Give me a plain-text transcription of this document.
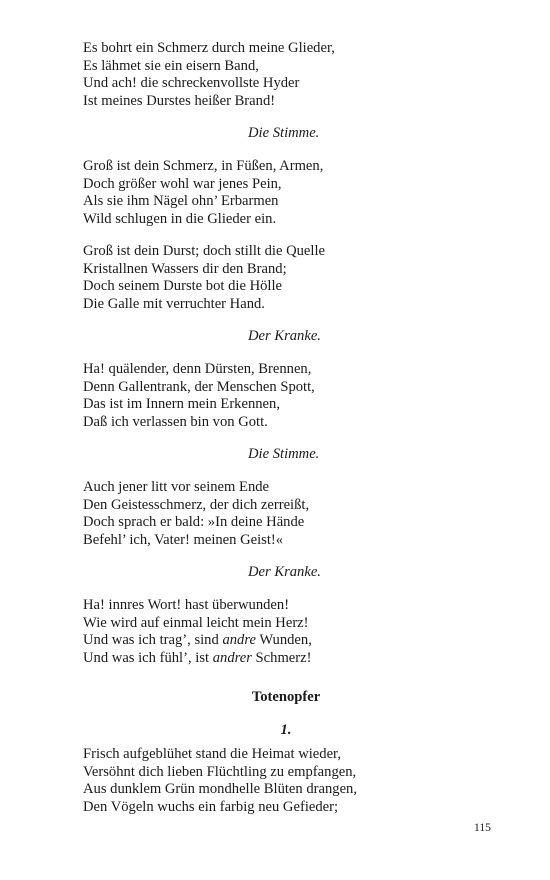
Es bohrt ein Schmerz durch meine Glieder,
Es lähmet sie ein eisern Band,
Und ach! die schreckenvollste Hyder
Ist meines Durstes heißer Brand!
Die Stimme.
Groß ist dein Schmerz, in Füßen, Armen,
Doch größer wohl war jenes Pein,
Als sie ihm Nägel ohn’ Erbarmen
Wild schlugen in die Glieder ein.
Groß ist dein Durst; doch stillt die Quelle
Kristallnen Wassers dir den Brand;
Doch seinem Durste bot die Hölle
Die Galle mit verruchter Hand.
Der Kranke.
Ha! quälender, denn Dürsten, Brennen,
Denn Gallentrank, der Menschen Spott,
Das ist im Innern mein Erkennen,
Daß ich verlassen bin von Gott.
Die Stimme.
Auch jener litt vor seinem Ende
Den Geistesschmerz, der dich zerreißt,
Doch sprach er bald: »In deine Hände
Befehl’ ich, Vater! meinen Geist!«
Der Kranke.
Ha! innres Wort! hast überwunden!
Wie wird auf einmal leicht mein Herz!
Und was ich trag’, sind andre Wunden,
Und was ich fühl’, ist andrer Schmerz!
Totenopfer
1.
Frisch aufgeblühet stand die Heimat wieder,
Versöhnt dich lieben Flüchtling zu empfangen,
Aus dunklem Grün mondhelle Blüten drangen,
Den Vögeln wuchs ein farbig neu Gefieder;
115
